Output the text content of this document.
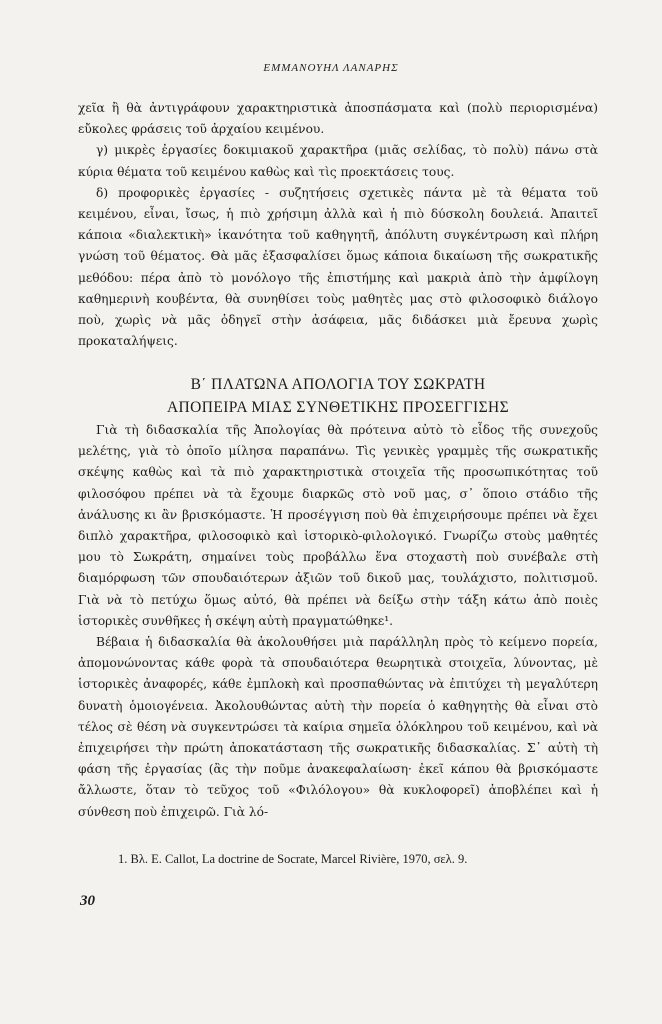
ΕΜΜΑΝΟΥΗΛ ΛΑΝΑΡΗΣ

χεῖα ἢ θὰ ἀντιγράφουν χαρακτηριστικὰ ἀποσπάσματα καὶ (πολὺ περιορισμένα) εὔκολες φράσεις τοῦ ἀρχαίου κειμένου.

γ) μικρὲς ἐργασίες δοκιμιακοῦ χαρακτῆρα (μιᾶς σελίδας, τὸ πολὺ) πάνω στὰ κύρια θέματα τοῦ κειμένου καθὼς καὶ τὶς προεκτάσεις τους.

δ) προφορικὲς ἐργασίες - συζητήσεις σχετικὲς πάντα μὲ τὰ θέματα τοῦ κειμένου, εἶναι, ἴσως, ἡ πιὸ χρήσιμη ἀλλὰ καὶ ἡ πιὸ δύσκολη δουλειά. Ἀπαιτεῖ κάποια «διαλεκτικὴ» ἱκανότητα τοῦ καθηγητῆ, ἀπόλυτη συγκέντρωση καὶ πλήρη γνώση τοῦ θέματος. Θὰ μᾶς ἐξασφαλίσει ὅμως κάποια δικαίωση τῆς σωκρατικῆς μεθόδου: πέρα ἀπὸ τὸ μονόλογο τῆς ἐπιστήμης καὶ μακριὰ ἀπὸ τὴν ἀμφίλογη καθημερινὴ κουβέντα, θὰ συνηθίσει τοὺς μαθητὲς μας στὸ φιλοσοφικὸ διάλογο ποὺ, χωρὶς νὰ μᾶς ὁδηγεῖ στὴν ἀσάφεια, μᾶς διδάσκει μιὰ ἔρευνα χωρὶς προκαταλήψεις.

Β΄ ΠΛΑΤΩΝΑ ΑΠΟΛΟΓΙΑ ΤΟΥ ΣΩΚΡΑΤΗ
ΑΠΟΠΕΙΡΑ ΜΙΑΣ ΣΥΝΘΕΤΙΚΗΣ ΠΡΟΣΕΓΓΙΣΗΣ

Γιὰ τὴ διδασκαλία τῆς Ἀπολογίας θὰ πρότεινα αὐτὸ τὸ εἶδος τῆς συνεχοῦς μελέτης, γιὰ τὸ ὁποῖο μίλησα παραπάνω. Τὶς γενικὲς γραμμὲς τῆς σωκρατικῆς σκέψης καθὼς καὶ τὰ πιὸ χαρακτηριστικὰ στοιχεῖα τῆς προσωπικότητας τοῦ φιλοσόφου πρέπει νὰ τὰ ἔχουμε διαρκῶς στὸ νοῦ μας, σ᾽ ὅποιο στάδιο τῆς ἀνάλυσης κι ἂν βρισκόμαστε. Ἡ προσέγγιση ποὺ θὰ ἐπιχειρήσουμε πρέπει νὰ ἔχει διπλὸ χαρακτῆρα, φιλοσοφικὸ καὶ ἱστορικὸ-φιλολογικό. Γνωρίζω στοὺς μαθητές μου τὸ Σωκράτη, σημαίνει τοὺς προβάλλω ἕνα στοχαστὴ ποὺ συνέβαλε στὴ διαμόρφωση τῶν σπουδαιότερων ἀξιῶν τοῦ δικοῦ μας, τουλάχιστο, πολιτισμοῦ. Γιὰ νὰ τὸ πετύχω ὅμως αὐτό, θὰ πρέπει νὰ δείξω στὴν τάξη κάτω ἀπὸ ποιὲς ἱστορικὲς συνθῆκες ἡ σκέψη αὐτὴ πραγματώθηκε¹.

Βέβαια ἡ διδασκαλία θὰ ἀκολουθήσει μιὰ παράλληλη πρὸς τὸ κείμενο πορεία, ἀπομονώνοντας κάθε φορὰ τὰ σπουδαιότερα θεωρητικὰ στοιχεῖα, λύνοντας, μὲ ἱστορικὲς ἀναφορές, κάθε ἐμπλοκὴ καὶ προσπαθώντας νὰ ἐπιτύχει τὴ μεγαλύτερη δυνατὴ ὁμοιογένεια. Ἀκολουθώντας αὐτὴ τὴν πορεία ὁ καθηγητὴς θὰ εἶναι στὸ τέλος σὲ θέση νὰ συγκεντρώσει τὰ καίρια σημεῖα ὁλόκληρου τοῦ κειμένου, καὶ νὰ ἐπιχειρήσει τὴν πρώτη ἀποκατάσταση τῆς σωκρατικῆς διδασκαλίας. Σ᾽ αὐτὴ τὴ φάση τῆς ἐργασίας (ἂς τὴν ποῦμε ἀνακεφαλαίωση· ἐκεῖ κάπου θὰ βρισκόμαστε ἄλλωστε, ὅταν τὸ τεῦχος τοῦ «Φιλόλογου» θὰ κυκλοφορεῖ) ἀποβλέπει καὶ ἡ σύνθεση ποὺ ἐπιχειρῶ. Γιὰ λό-

1. Βλ. E. Callot, La doctrine de Socrate, Marcel Rivière, 1970, σελ. 9.
30
